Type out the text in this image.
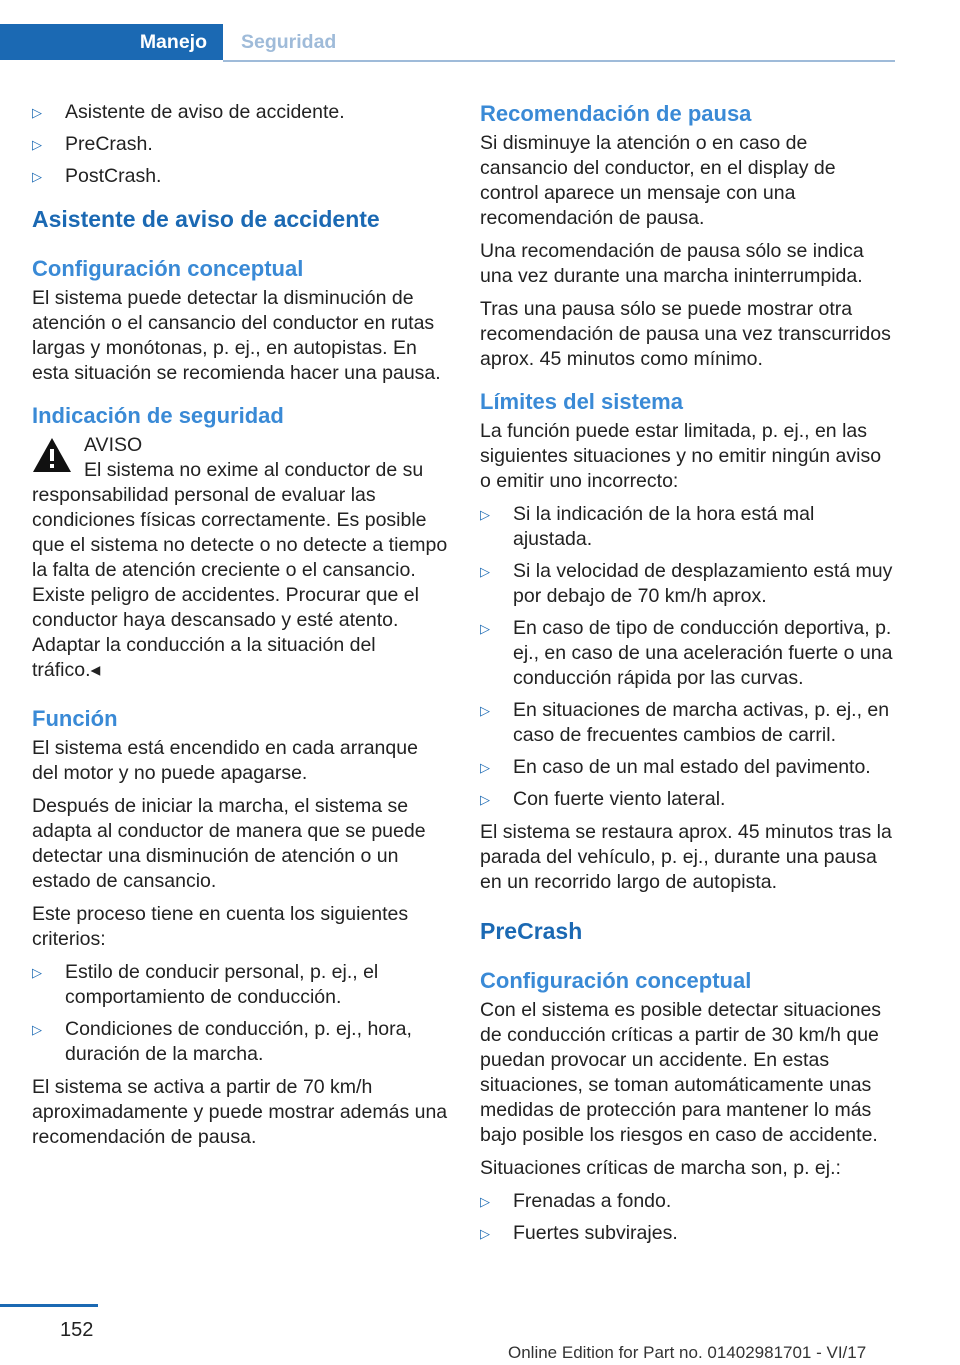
Manejo	Seguridad
▷ Asistente de aviso de accidente.
▷ PreCrash.
▷ PostCrash.
Asistente de aviso de accidente
Configuración conceptual

El sistema puede detectar la disminución de atención o el cansancio del conductor en rutas largas y monótonas, p. ej., en autopistas. En esta situación se recomienda hacer una pausa.

Indicación de seguridad
AVISO

El sistema no exime al conductor de su responsabilidad personal de evaluar las condiciones físicas correctamente. Es posible que el sistema no detecte o no detecte a tiempo la falta de atención creciente o el cansancio. Existe peligro de accidentes. Procurar que el conductor haya descansado y esté atento. Adaptar la conducción a la situación del tráfico.◂

Función

El sistema está encendido en cada arranque del motor y no puede apagarse.

Después de iniciar la marcha, el sistema se adapta al conductor de manera que se puede detectar una disminución de atención o un estado de cansancio.

Este proceso tiene en cuenta los siguientes criterios:

▷ Estilo de conducir personal, p. ej., el comportamiento de conducción.
▷ Condiciones de conducción, p. ej., hora, duración de la marcha.

El sistema se activa a partir de 70 km/h aproximadamente y puede mostrar además una recomendación de pausa.

Recomendación de pausa

Si disminuye la atención o en caso de cansancio del conductor, en el display de control aparece un mensaje con una recomendación de pausa.

Una recomendación de pausa sólo se indica una vez durante una marcha ininterrumpida.

Tras una pausa sólo se puede mostrar otra recomendación de pausa una vez transcurridos aprox. 45 minutos como mínimo.

Límites del sistema

La función puede estar limitada, p. ej., en las siguientes situaciones y no emitir ningún aviso o emitir uno incorrecto:

▷ Si la indicación de la hora está mal ajustada.
▷ Si la velocidad de desplazamiento está muy por debajo de 70 km/h aprox.
▷ En caso de tipo de conducción deportiva, p. ej., en caso de una aceleración fuerte o una conducción rápida por las curvas.
▷ En situaciones de marcha activas, p. ej., en caso de frecuentes cambios de carril.
▷ En caso de un mal estado del pavimento.
▷ Con fuerte viento lateral.

El sistema se restaura aprox. 45 minutos tras la parada del vehículo, p. ej., durante una pausa en un recorrido largo de autopista.

PreCrash
Configuración conceptual

Con el sistema es posible detectar situaciones de conducción críticas a partir de 30 km/h que puedan provocar un accidente. En estas situaciones, se toman automáticamente unas medidas de protección para mantener lo más bajo posible los riesgos en caso de accidente.

Situaciones críticas de marcha son, p. ej.:

▷ Frenadas a fondo.
▷ Fuertes subvirajes.
152
Online Edition for Part no. 01402981701 - VI/17
